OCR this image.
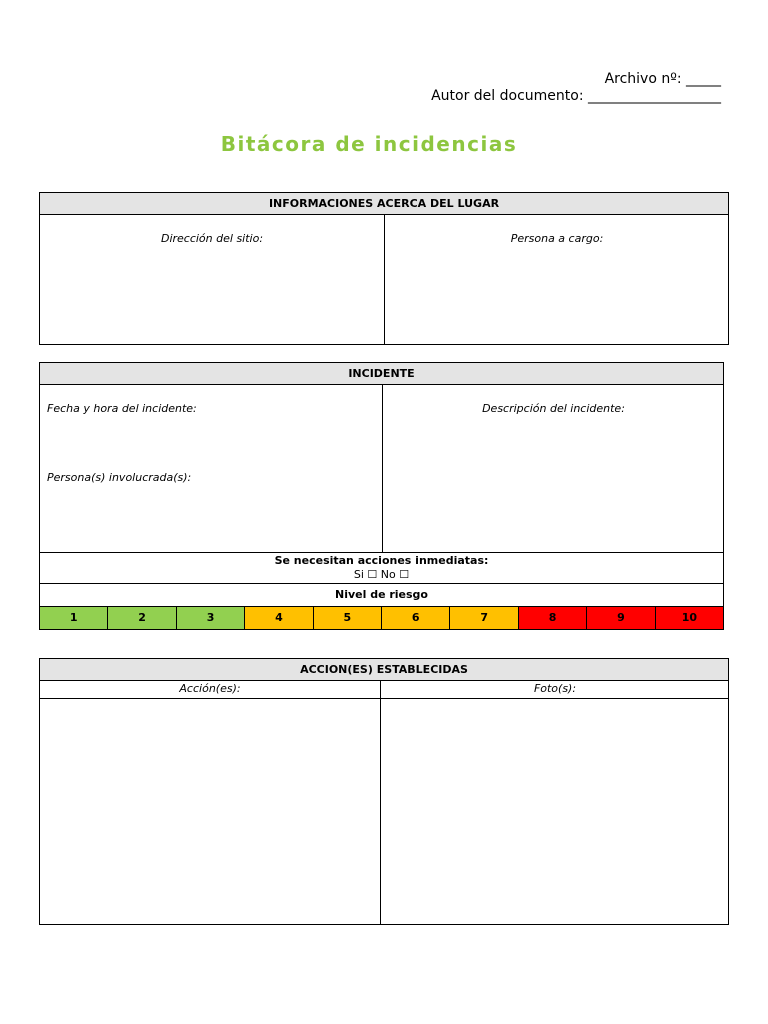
Archivo nº: _____
Autor del documento: ___________________
Bitácora de incidencias
INFORMACIONES ACERCA DEL LUGAR
Dirección del sitio:	Persona a cargo:
INCIDENTE
Fecha y hora del incidente:
Persona(s) involucrada(s):
Descripción del incidente:
Se necesitan acciones inmediatas:
Si ☐ No ☐
Nivel de riesgo
1	2	3	4	5	6	7	8	9	10
ACCION(ES) ESTABLECIDAS
Acción(es):	Foto(s):
